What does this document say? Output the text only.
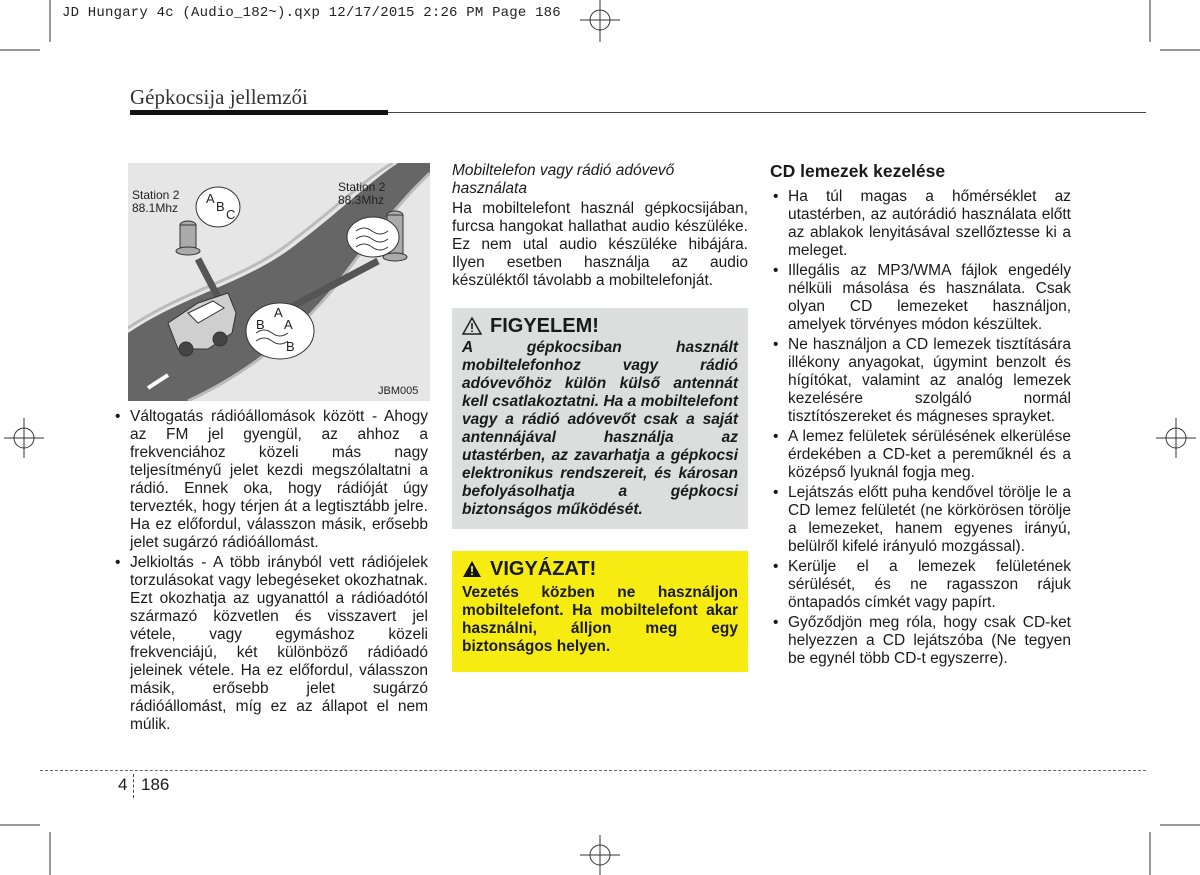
JD Hungary 4c (Audio_182~).qxp 12/17/2015 2:26 PM Page 186
Gépkocsija jellemzői
A
B
C
A
B A
B
Station 2
88.1Mhz
Station 2
88.3Mhz
JBM005
• Váltogatás rádióállomások között - Ahogy az FM jel gyengül, az ahhoz a frekvenciához közeli más nagy teljesítményű jelet kezdi megszólaltatni a rádió. Ennek oka, hogy rádióját úgy tervezték, hogy térjen át a legtisztább jelre. Ha ez előfordul, válasszon másik, erősebb jelet sugárzó rádióállomást.
• Jelkioltás - A több irányból vett rádiójelek torzulásokat vagy lebegéseket okozhatnak. Ezt okozhatja az ugyanattól a rádióadótól származó közvetlen és visszavert jel vétele, vagy egymáshoz közeli frekvenciájú, két különböző rádióadó jeleinek vétele. Ha ez előfordul, válasszon másik, erősebb jelet sugárzó rádióállomást, míg ez az állapot el nem múlik.
Mobiltelefon vagy rádió adóvevő használata
Ha mobiltelefont használ gépkocsijában, furcsa hangokat hallathat audio készüléke. Ez nem utal audio készüléke hibájára. Ilyen esetben használja az audio készüléktől távolabb a mobiltelefonját.
FIGYELEM!
A gépkocsiban használt mobiltelefonhoz vagy rádió adóvevőhöz külön külső antennát kell csatlakoztatni. Ha a mobiltelefont vagy a rádió adóvevőt csak a saját antennájával használja az utastérben, az zavarhatja a gépkocsi elektronikus rendszereit, és károsan befolyásolhatja a gépkocsi biztonságos működését.
VIGYÁZAT!
Vezetés közben ne használjon mobiltelefont. Ha mobiltelefont akar használni, álljon meg egy biztonságos helyen.
CD lemezek kezelése
• Ha túl magas a hőmérséklet az utastérben, az autórádió használata előtt az ablakok lenyitásával szellőztesse ki a meleget.
• Illegális az MP3/WMA fájlok engedély nélküli másolása és használata. Csak olyan CD lemezeket használjon, amelyek törvényes módon készültek.
• Ne használjon a CD lemezek tisztítására illékony anyagokat, úgymint benzolt és hígítókat, valamint az analóg lemezek kezelésére szolgáló normál tisztítószereket és mágneses sprayket.
• A lemez felületek sérülésének elkerülése érdekében a CD-ket a pereműknél és a középső lyuknál fogja meg.
• Lejátszás előtt puha kendővel törölje le a CD lemez felületét (ne körkörösen törölje a lemezeket, hanem egyenes irányú, belülről kifelé irányuló mozgással).
• Kerülje el a lemezek felületének sérülését, és ne ragasszon rájuk öntapadós címkét vagy papírt.
• Győződjön meg róla, hogy csak CD-ket helyezzen a CD lejátszóba (Ne tegyen be egynél több CD-t egyszerre).
4 186
